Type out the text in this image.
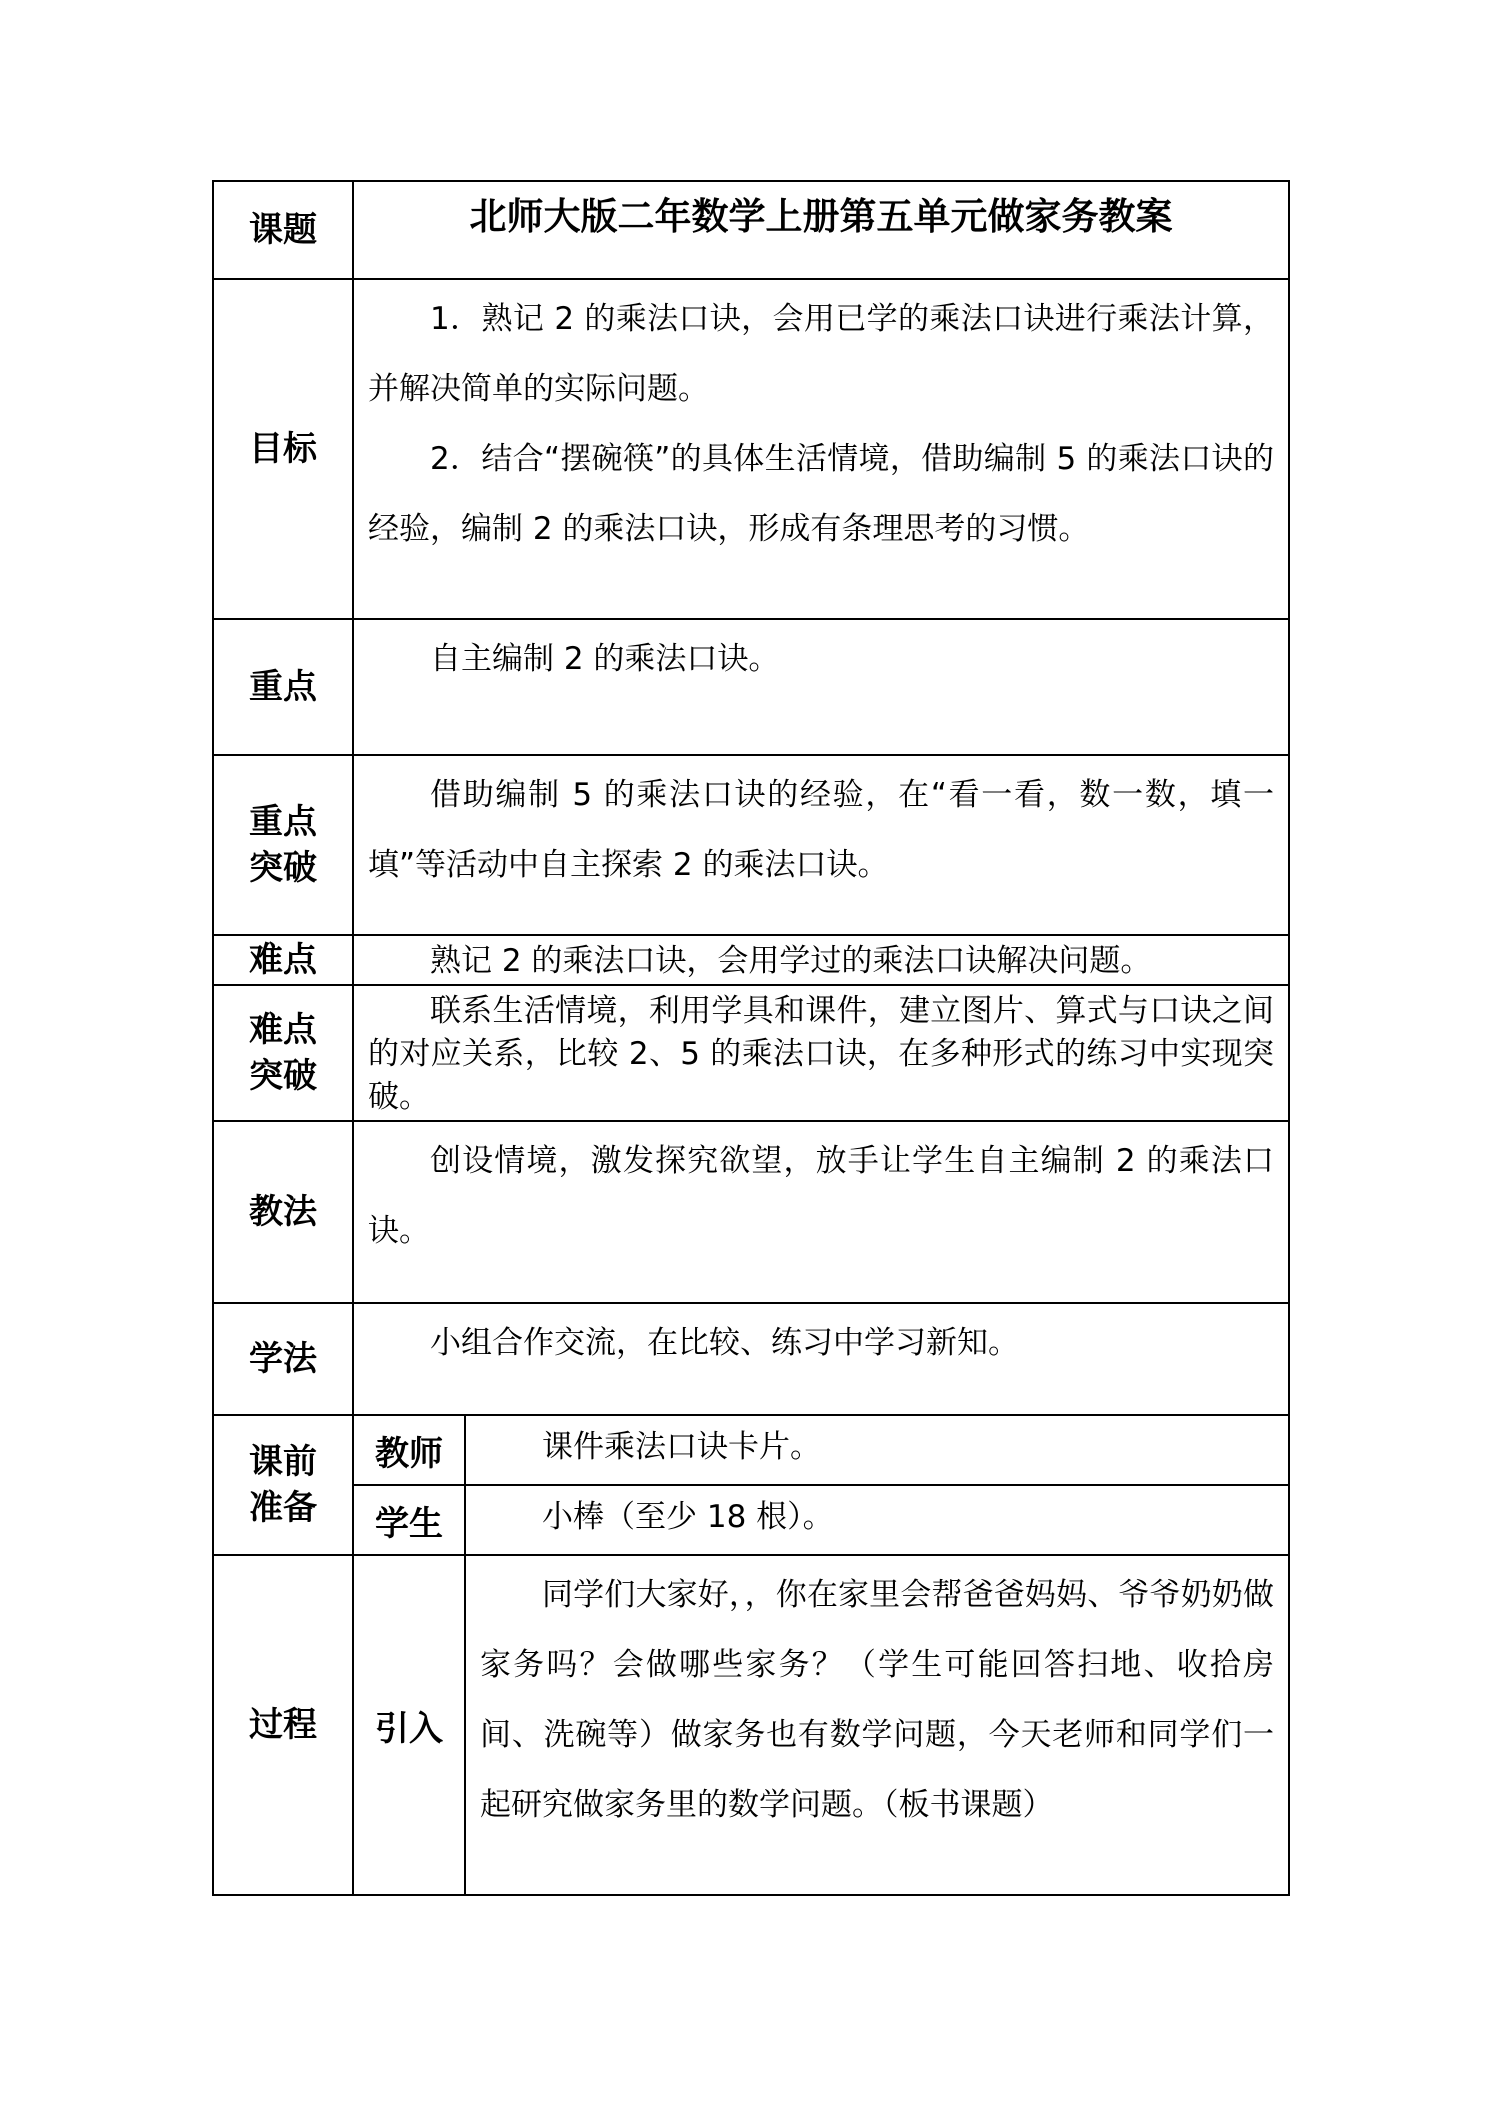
课题	北师大版二年数学上册第五单元做家务教案	
目标	1．熟记 2 的乘法口诀，会用已学的乘法口诀进行乘法计算，并解决简单的实际问题。

2．结合“摆碗筷”的具体生活情境，借助编制 5 的乘法口诀的经验，编制 2 的乘法口诀，形成有条理思考的习惯。	

重点	自主编制 2 的乘法口诀。	

重点
突破	借助编制 5 的乘法口诀的经验，在“看一看，数一数，填一填”等活动中自主探索 2 的乘法口诀。	

难点	熟记 2 的乘法口诀，会用学过的乘法口诀解决问题。	

难点
突破	联系生活情境，利用学具和课件，建立图片、算式与口诀之间的对应关系，比较 2、5 的乘法口诀，在多种形式的练习中实现突破。	

教法	创设情境，激发探究欲望，放手让学生自主编制 2 的乘法口诀。	

学法	小组合作交流，在比较、练习中学习新知。	

课前
准备	教师	课件乘法口诀卡片。

	学生	小棒（至少 18 根）。

过程	引入	同学们大家好，，你在家里会帮爸爸妈妈、爷爷奶奶做家务吗？会做哪些家务？（学生可能回答扫地、收拾房间、洗碗等）做家务也有数学问题，今天老师和同学们一起研究做家务里的数学问题。（板书课题）
